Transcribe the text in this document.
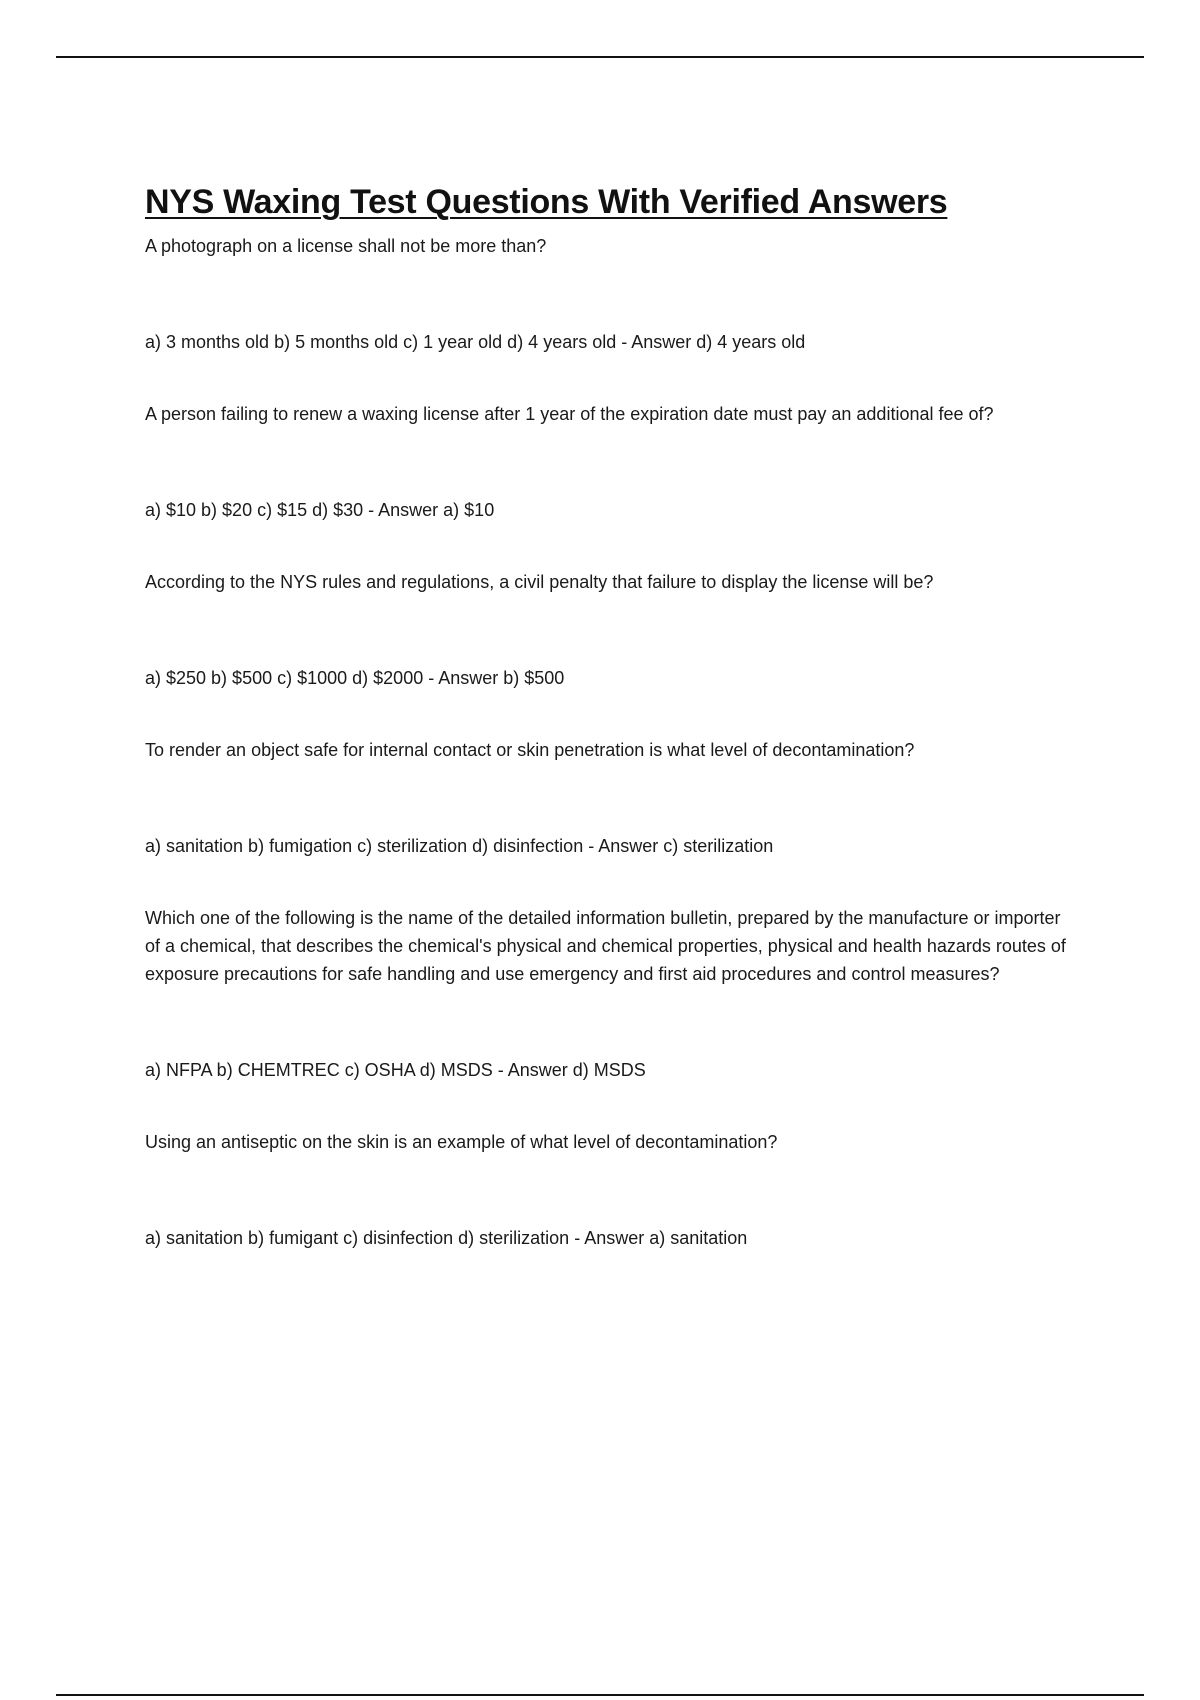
NYS Waxing Test Questions With Verified Answers

A photograph on a license shall not be more than?

a) 3 months old b) 5 months old c) 1 year old d) 4 years old - Answer d) 4 years old

A person failing to renew a waxing license after 1 year of the expiration date must pay an additional fee of?

a) $10 b) $20 c) $15 d) $30 - Answer a) $10

According to the NYS rules and regulations, a civil penalty that failure to display the license will be?

a) $250 b) $500 c) $1000 d) $2000 - Answer b) $500

To render an object safe for internal contact or skin penetration is what level of decontamination?

a) sanitation b) fumigation c) sterilization d) disinfection - Answer c) sterilization

Which one of the following is the name of the detailed information bulletin, prepared by the manufacture or importer of a chemical, that describes the chemical's physical and chemical properties, physical and health hazards routes of exposure precautions for safe handling and use emergency and first aid procedures and control measures?

a) NFPA b) CHEMTREC c) OSHA d) MSDS - Answer d) MSDS

Using an antiseptic on the skin is an example of what level of decontamination?

a) sanitation b) fumigant c) disinfection d) sterilization - Answer a) sanitation
